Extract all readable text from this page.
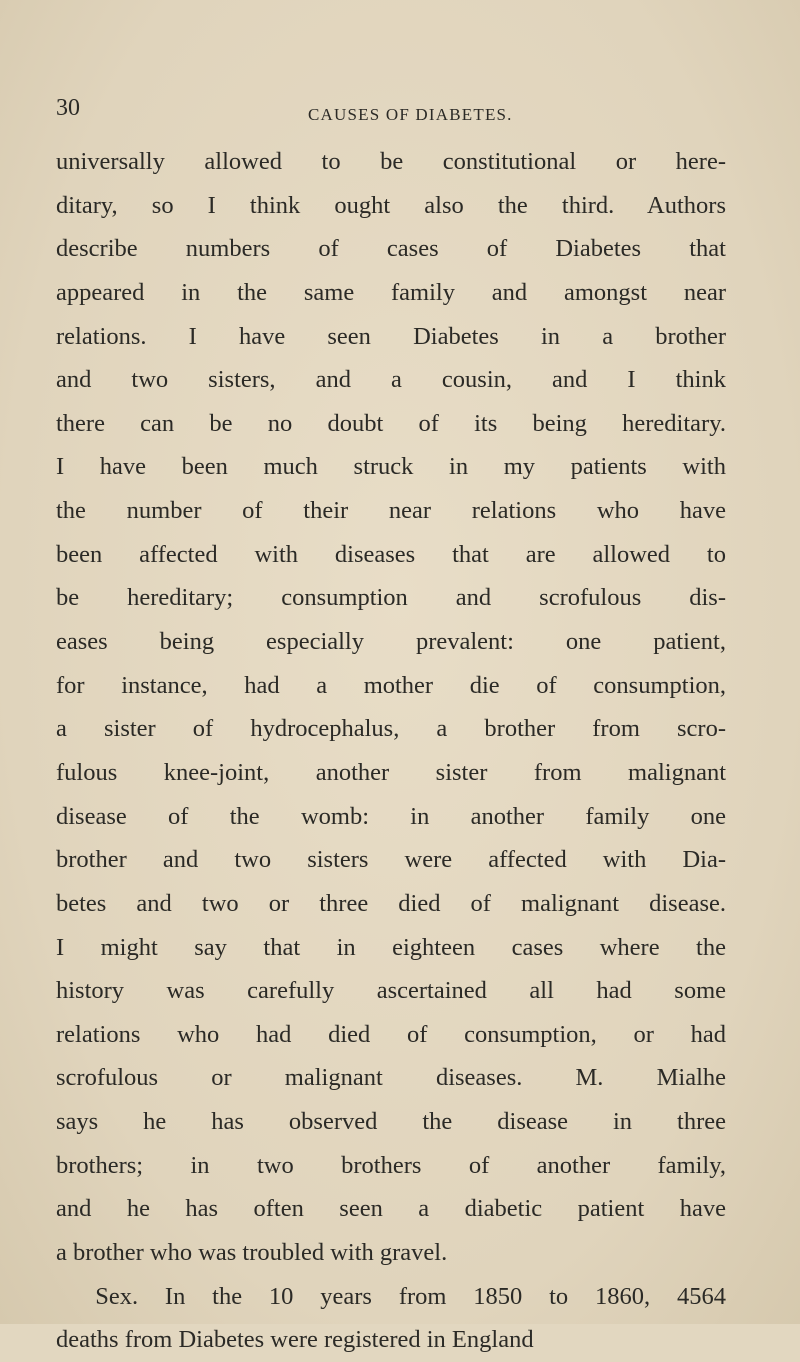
30	CAUSES OF DIABETES.
universally allowed to be constitutional or here-
ditary, so I think ought also the third. Authors
describe numbers of cases of Diabetes that
appeared in the same family and amongst near
relations. I have seen Diabetes in a brother
and two sisters, and a cousin, and I think
there can be no doubt of its being hereditary.
I have been much struck in my patients with
the number of their near relations who have
been affected with diseases that are allowed to
be hereditary; consumption and scrofulous dis-
eases being especially prevalent: one patient,
for instance, had a mother die of consumption,
a sister of hydrocephalus, a brother from scro-
fulous knee-joint, another sister from malignant
disease of the womb: in another family one
brother and two sisters were affected with Dia-
betes and two or three died of malignant disease.
I might say that in eighteen cases where the
history was carefully ascertained all had some
relations who had died of consumption, or had
scrofulous or malignant diseases. M. Mialhe
says he has observed the disease in three
brothers; in two brothers of another family,
and he has often seen a diabetic patient have
a brother who was troubled with gravel.
Sex. In the 10 years from 1850 to 1860, 4564
deaths from Diabetes were registered in England
